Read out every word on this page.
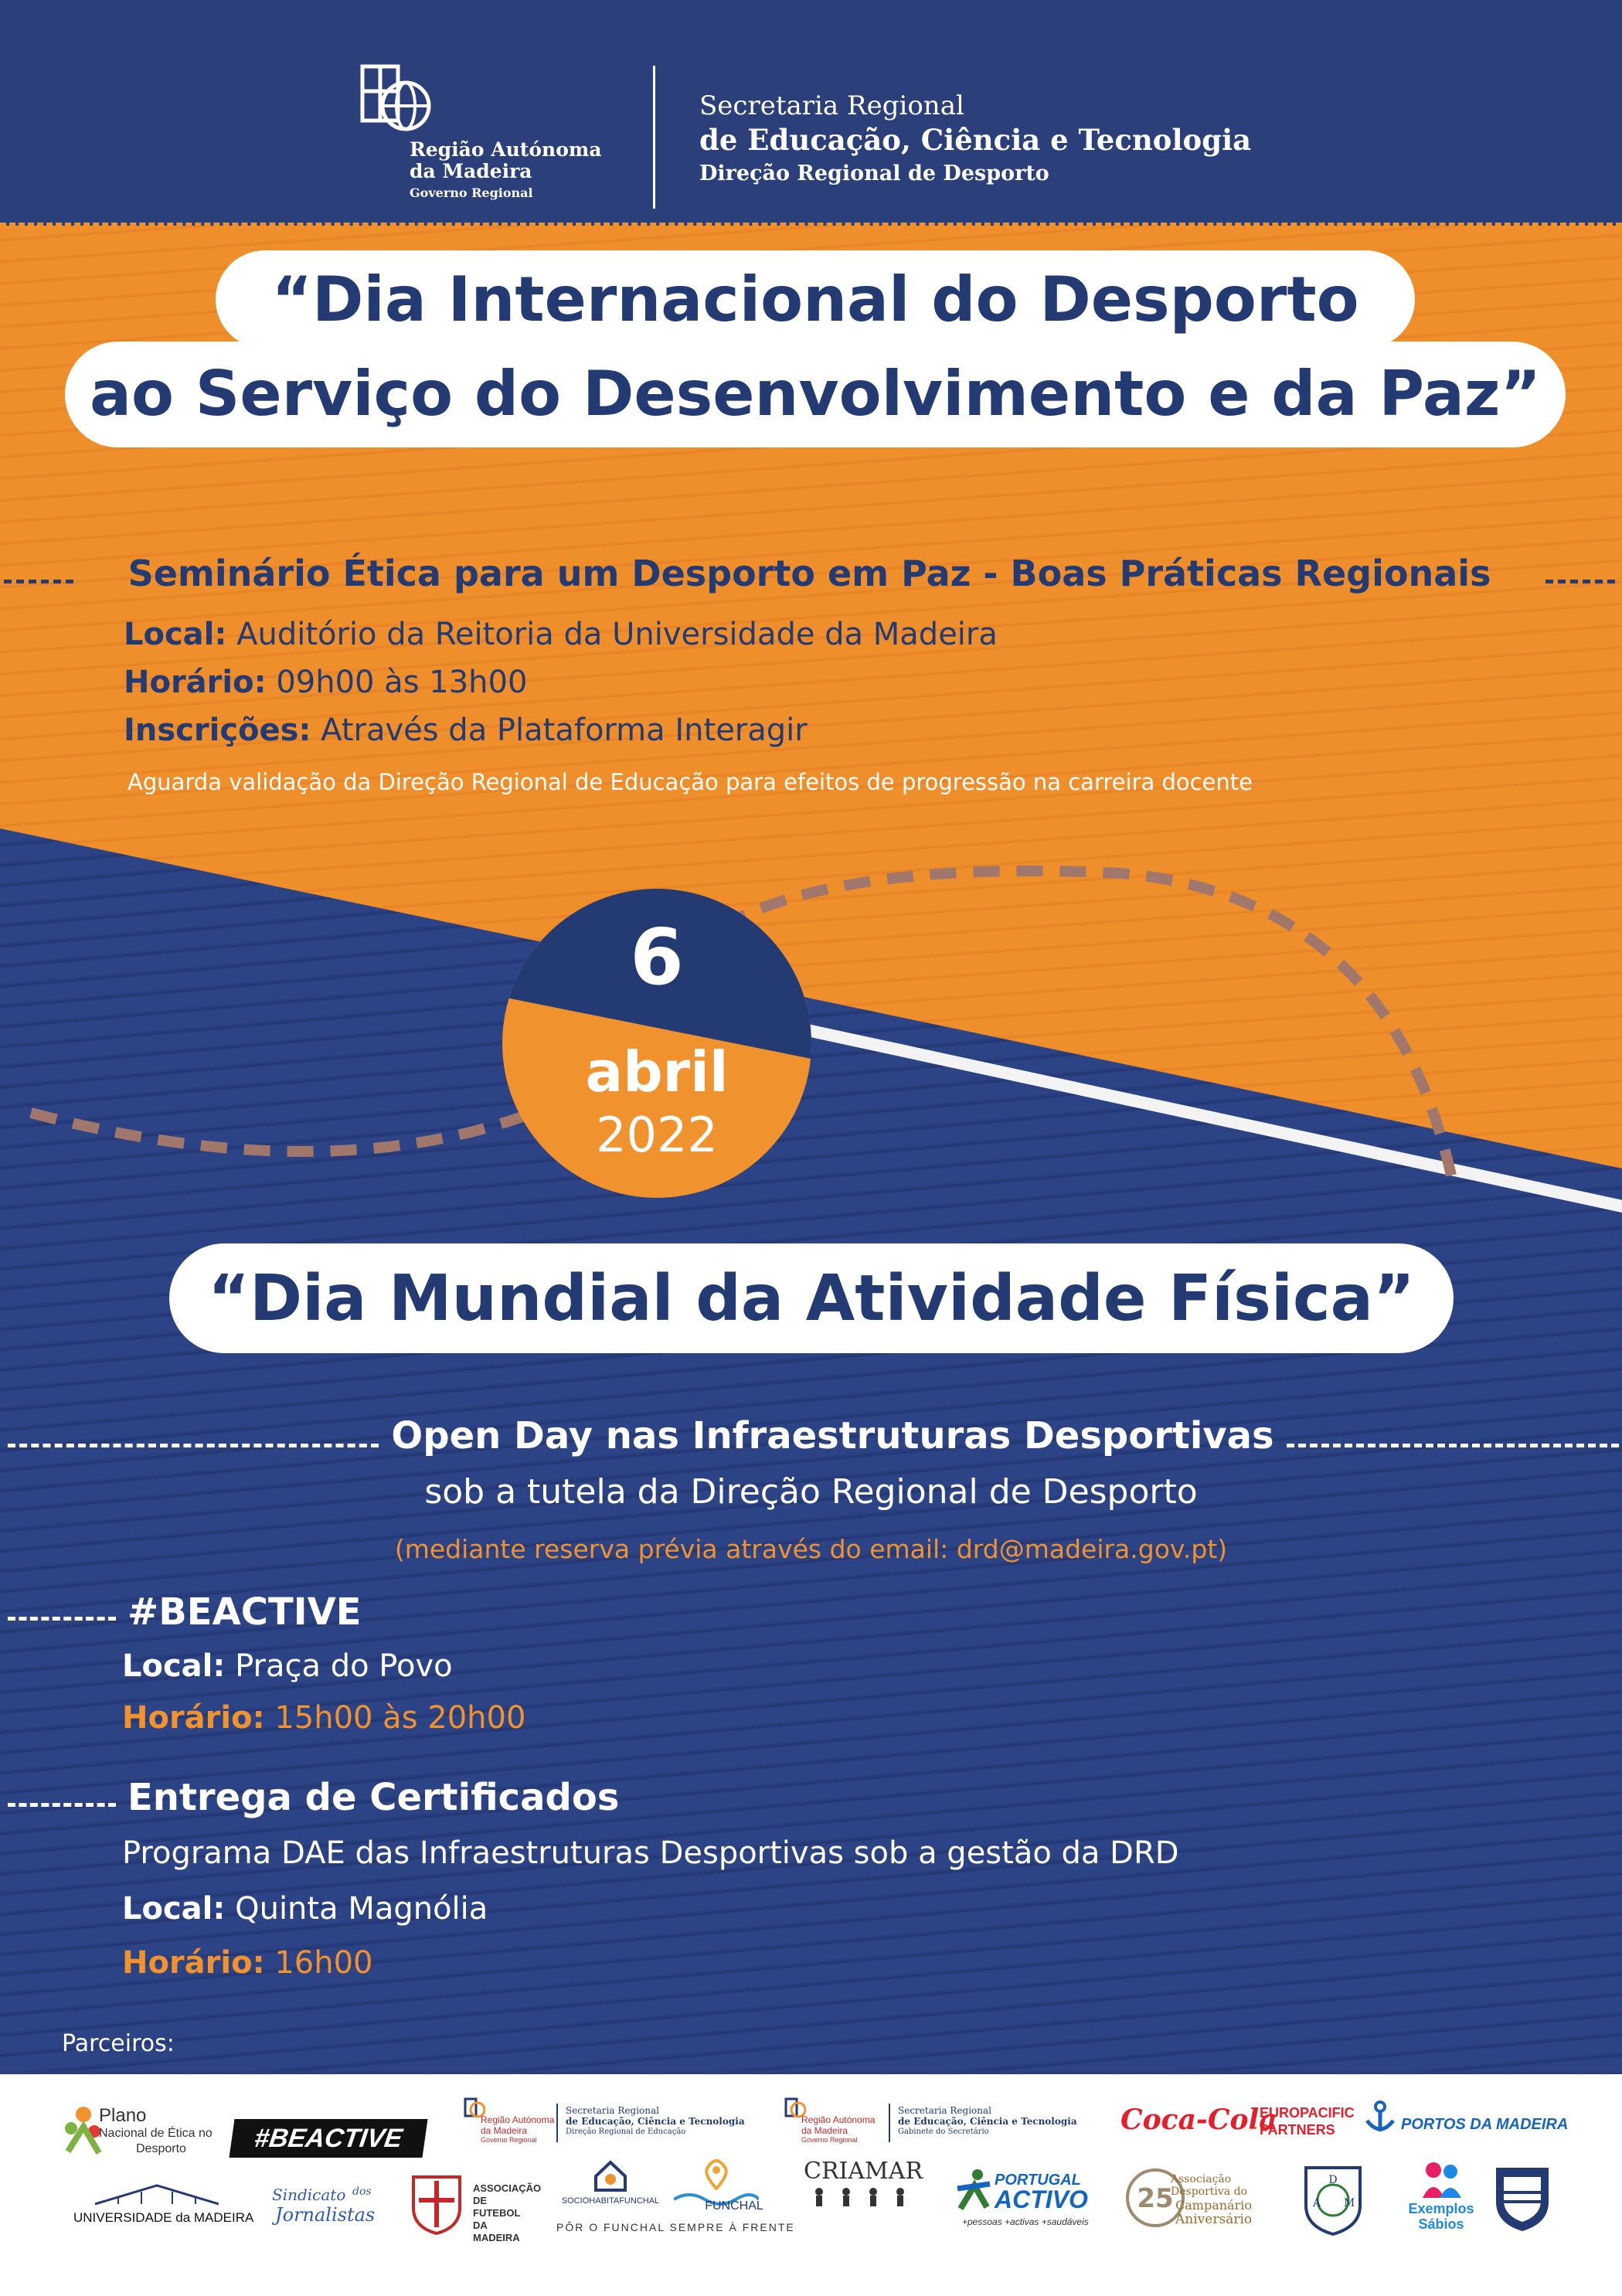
Região Autónoma
da Madeira
Governo Regional
Secretaria Regional
de Educação, Ciência e Tecnologia
Direção Regional de Desporto
“Dia Internacional do Desporto
ao Serviço do Desenvolvimento e da Paz”
Seminário Ética para um Desporto em Paz - Boas Práticas Regionais
Local: Auditório da Reitoria da Universidade da Madeira
Horário: 09h00 às 13h00
Inscrições: Através da Plataforma Interagir
Aguarda validação da Direção Regional de Educação para efeitos de progressão na carreira docente
6
abril
2022
“Dia Mundial da Atividade Física”
Open Day nas Infraestruturas Desportivas
sob a tutela da Direção Regional de Desporto
(mediante reserva prévia através do email: drd@madeira.gov.pt)
#BEACTIVE
Local: Praça do Povo
Horário: 15h00 às 20h00
Entrega de Certificados
Programa DAE das Infraestruturas Desportivas sob a gestão da DRD
Local: Quinta Magnólia
Horário: 16h00
Parceiros:
Plano
Nacional de Ética no
Desporto	#BEACTIVE
Região Autónoma
da Madeira
Governo Regional
Secretaria Regional
de Educação, Ciência e Tecnologia
Direção Regional de Educação
Região Autónoma
da Madeira
Governo Regional
Secretaria Regional
de Educação, Ciência e Tecnologia
Gabinete do Secretário	Coca-Cola
EUROPACIFIC
PARTNERS	PORTOS DA MADEIRA
UNIVERSIDADE da MADEIRA
Sindicato dos
Jornalistas
ASSOCIAÇÃO
DE FUTEBOL
DA MADEIRA
SOCIOHABITAFUNCHAL	FUNCHAL
PÔR O FUNCHAL SEMPRE À FRENTE
CRIAMAR	PORTUGAL
ACTIVO
+pessoas +activas +saudáveis
25
Associação
Desportiva do
Campanário
Aniversário
D
A M	Exemplos
Sábios
